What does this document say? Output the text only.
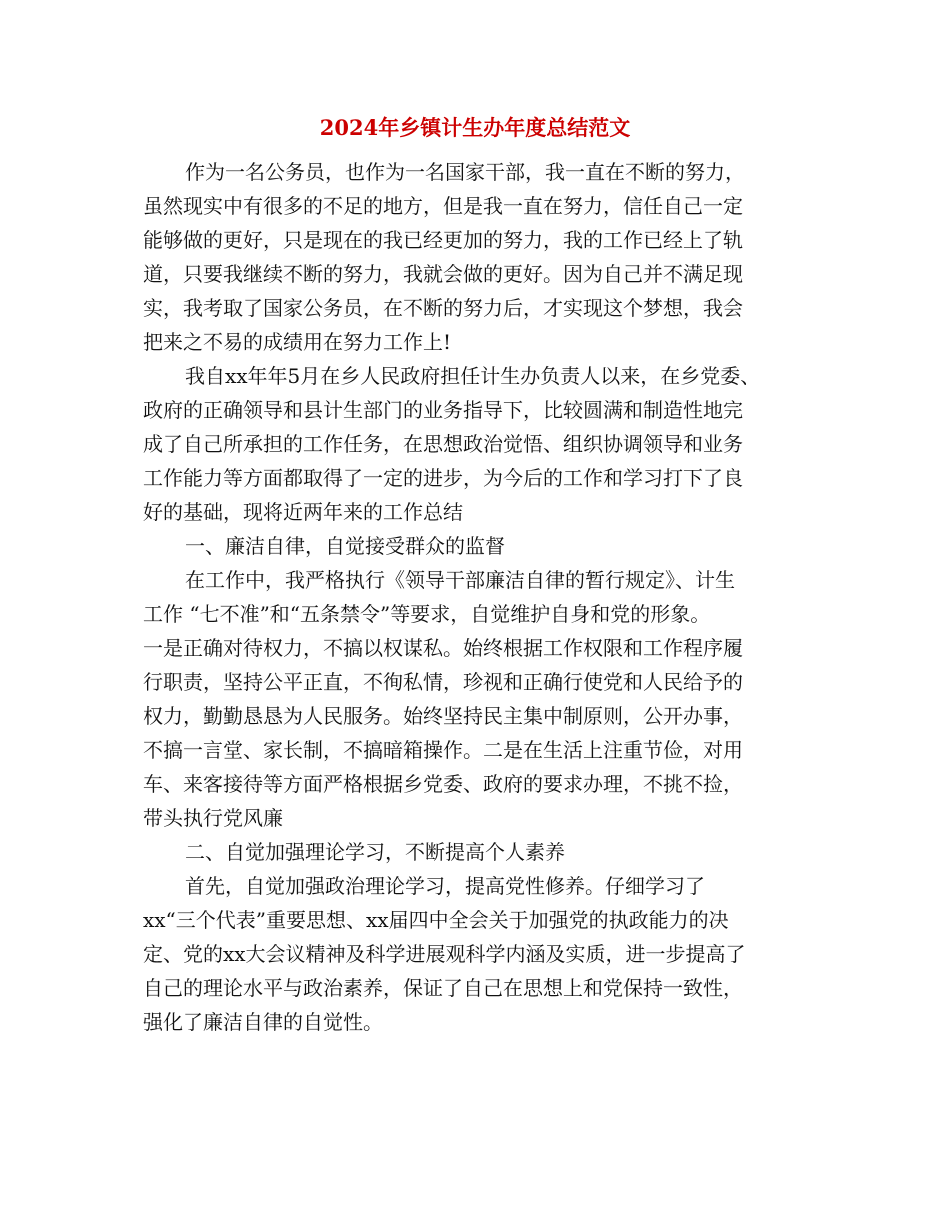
2024年乡镇计生办年度总结范文

作为一名公务员，也作为一名国家干部，我一直在不断的努力，
虽然现实中有很多的不足的地方，但是我一直在努力，信任自己一定
能够做的更好，只是现在的我已经更加的努力，我的工作已经上了轨
道，只要我继续不断的努力，我就会做的更好。因为自己并不满足现
实，我考取了国家公务员，在不断的努力后，才实现这个梦想，我会
把来之不易的成绩用在努力工作上!

我自xx年年5月在乡人民政府担任计生办负责人以来，在乡党委、
政府的正确领导和县计生部门的业务指导下，比较圆满和制造性地完
成了自己所承担的工作任务，在思想政治觉悟、组织协调领导和业务
工作能力等方面都取得了一定的进步，为今后的工作和学习打下了良
好的基础，现将近两年来的工作总结

一、廉洁自律，自觉接受群众的监督

在工作中，我严格执行《领导干部廉洁自律的暂行规定》、计生
工作 “七不准”和“五条禁令”等要求，自觉维护自身和党的形象。
一是正确对待权力，不搞以权谋私。始终根据工作权限和工作程序履
行职责，坚持公平正直，不徇私情，珍视和正确行使党和人民给予的
权力，勤勤恳恳为人民服务。始终坚持民主集中制原则，公开办事，
不搞一言堂、家长制，不搞暗箱操作。二是在生活上注重节俭，对用
车、来客接待等方面严格根据乡党委、政府的要求办理，不挑不捡，
带头执行党风廉

二、自觉加强理论学习，不断提高个人素养

首先，自觉加强政治理论学习，提高党性修养。仔细学习了
xx“三个代表”重要思想、xx届四中全会关于加强党的执政能力的决
定、党的xx大会议精神及科学进展观科学内涵及实质，进一步提高了
自己的理论水平与政治素养，保证了自己在思想上和党保持一致性，
强化了廉洁自律的自觉性。
